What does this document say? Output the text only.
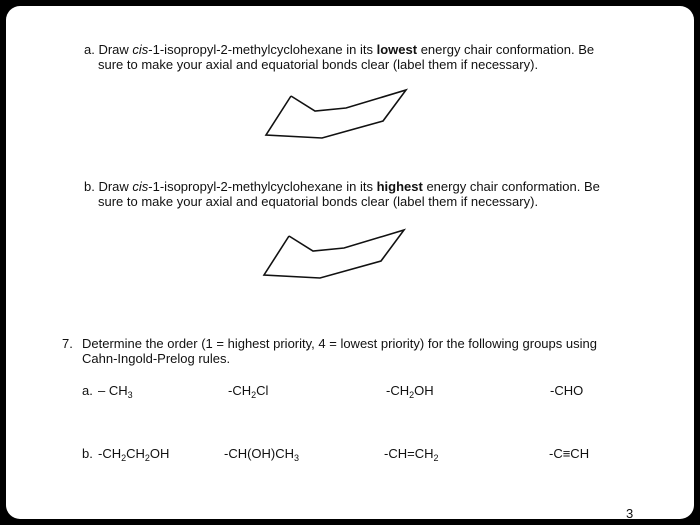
a. Draw cis-1-isopropyl-2-methylcyclohexane in its lowest energy chair conformation. Be
sure to make your axial and equatorial bonds clear (label them if necessary).
b. Draw cis-1-isopropyl-2-methylcyclohexane in its highest energy chair conformation. Be
sure to make your axial and equatorial bonds clear (label them if necessary).
7. Determine the order (1 = highest priority, 4 = lowest priority) for the following groups using
Cahn-Ingold-Prelog rules.
a. – $CH_3$	$-CH_2Cl$	$-CH_2OH$	-CHO
b. $-CH_2CH_2OH$	$-CH(OH)CH_3$	$-CH=CH_2$	-C≡CH
3
